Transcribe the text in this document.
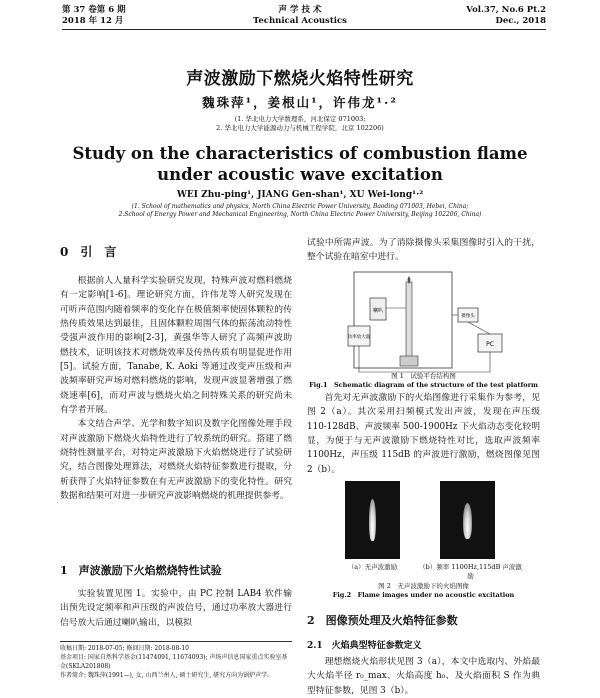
第 37 卷第 6 期
2018 年 12 月
声 学 技 术
Technical Acoustics
Vol.37, No.6 Pt.2
Dec., 2018
声波激励下燃烧火焰特性研究
魏珠萍¹，姜根山¹，许伟龙¹·²
(1. 华北电力大学数理系，河北保定 071003;
2. 华北电力大学能源动力与机械工程学院，北京 102206)
Study on the characteristics of combustion flame under acoustic wave excitation
WEI Zhu-ping¹, JIANG Gen-shan¹, XU Wei-long¹·²
(1. School of mathematics and physics, North China Electric Power University, Baoding 071003, Hebei, China;
2.School of Energy Power and Mechanical Engineering, North China Electric Power University, Beijing 102206, China)
0　引　言

根据前人人量科学实验研究发现，特殊声波对燃料燃烧有一定影响[1-6]。理论研究方面，许伟龙等人研究发现在可听声范围内随着频率的变化存在极值频率使固体颗粒的传热传质效果达到最佳，且固体颗粒周围气体的振荡流动特性受强声波作用的影响[2-3]，黄强华等人研究了高频声波助燃技术，证明该技术对燃烧效率及传热传质有明显促进作用[5]。试验方面，Tanabe, K. Aoki 等通过改变声压级和声波频率研究声场对燃料燃烧的影响，发现声波显著增强了燃烧速率[6]，而对声波与燃烧火焰之间特殊关系的研究尚未有学者开展。

本文结合声学、光学和数字知识及数字化图像处理手段对声波激励下燃烧火焰特性进行了较系统的研究。搭建了燃烧特性测量平台，对特定声波激励下火焰燃烧进行了试验研究，结合图像处理算法，对燃烧火焰特征参数进行提取，分析获得了火焰特征参数在有无声波激励下的变化特性。研究数据和结果可对进一步研究声波影响燃烧的机理提供参考。

1　声波激励下火焰燃烧特性试验

实验装置见图 1。实验中，由 PC 控制 LAB4 软件输出预先设定频率和声压级的声波信号，通过功率放大器进行信号放大后通过喇叭输出，以模拟

收稿日期: 2018-07-05; 修回日期: 2018-08-10
基金项目: 国家自然科学基金(11474091, 11674093); 声场声信息国家重点实验室基金(SKLA201808)
作者简介: 魏珠萍(1991—), 女, 山西兰州人, 硕士研究生, 研究方向为锅炉声学。

试验中所需声波。为了消除摄像头采集图像时引入的干扰，整个试验在暗室中进行。

喇叭
功率放大器
摄像头
PC
图 1　试验平台结构图
Fig.1　Schematic diagram of the structure of the test platform

首先对无声波激励下的火焰图像进行采集作为参考，见图 2（a）。其次采用扫频模式发出声波，发现在声压级 110-128dB、声波频率 500-1900Hz 下火焰动态变化较明显，为便于与无声波激励下燃烧特性对比，选取声波频率 1100Hz，声压级 115dB 的声波进行激励，燃烧图像见图 2（b）。

（a）无声波激励	（b）频率 1100Hz,115dB 声波激励
图 2　无声波激励下的火焰图像
Fig.2　Flame images under no acoustic excitation
2　图像预处理及火焰特征参数
2.1　火焰典型特征参数定义

理想燃烧火焰形状见图 3（a），本文中选取内、外焰最大火焰半径 r₀_max、火焰高度 h₀、及火焰面积 S 作为典型特征参数，见图 3（b）。
